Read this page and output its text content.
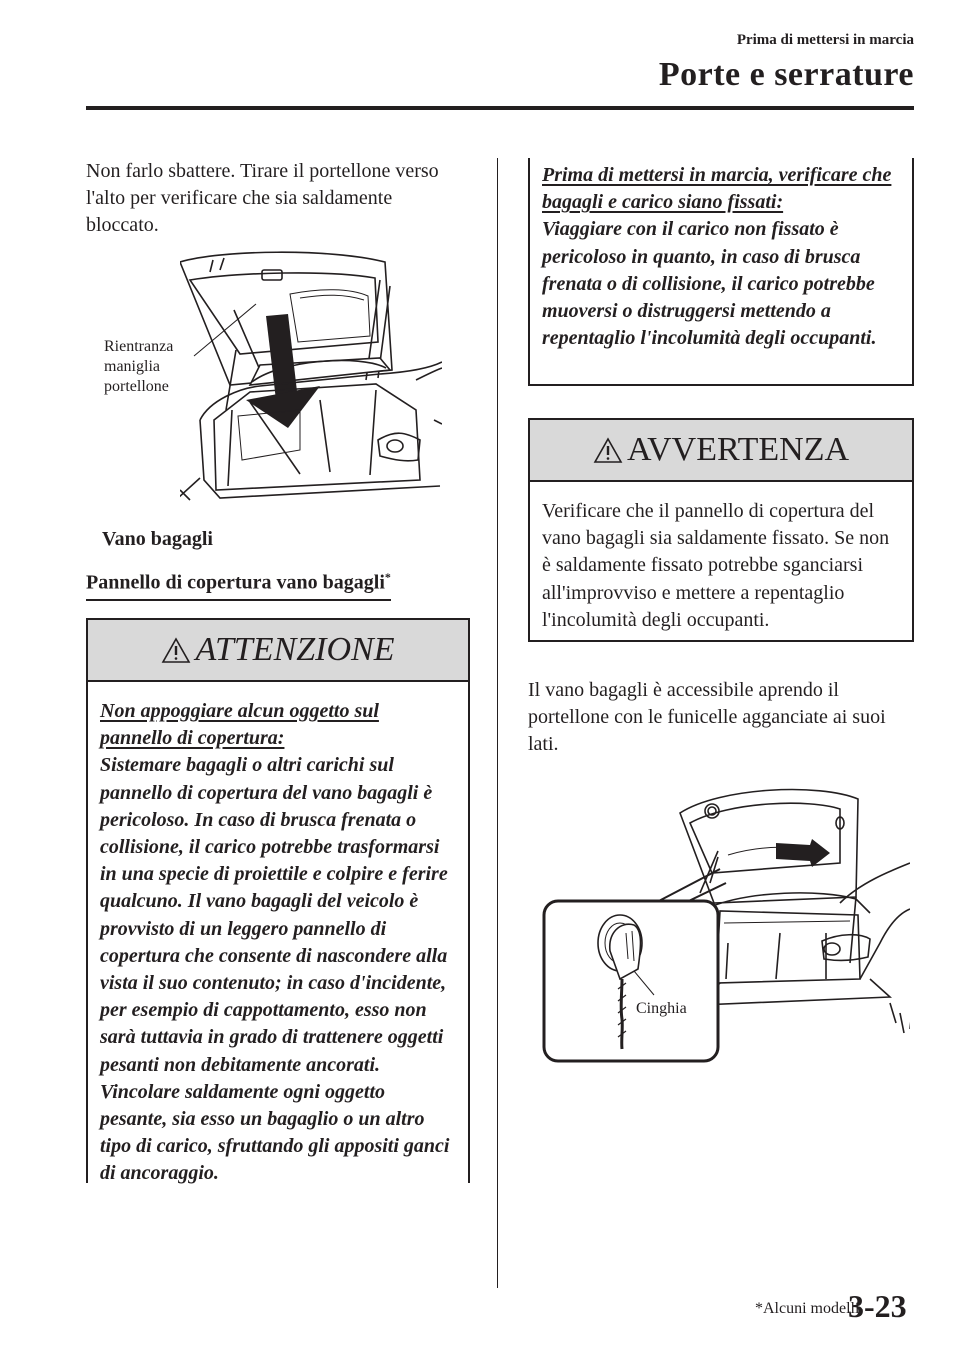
Prima di mettersi in marcia
Porte e serrature

Non farlo sbattere. Tirare il portellone verso l'alto per verificare che sia saldamente bloccato.

Rientranza
maniglia
portellone
Vano bagagli
Pannello di copertura vano bagagli*
ATTENZIONE

Non appoggiare alcun oggetto sul pannello di copertura:

Sistemare bagagli o altri carichi sul pannello di copertura del vano bagagli è pericoloso. In caso di brusca frenata o collisione, il carico potrebbe trasformarsi in una specie di proiettile e colpire e ferire qualcuno. Il vano bagagli del veicolo è provvisto di un leggero pannello di copertura che consente di nascondere alla vista il suo contenuto; in caso d'incidente, per esempio di cappottamento, esso non sarà tuttavia in grado di trattenere oggetti pesanti non debitamente ancorati. Vincolare saldamente ogni oggetto pesante, sia esso un bagaglio o un altro tipo di carico, sfruttando gli appositi ganci di ancoraggio.

Prima di mettersi in marcia, verificare che bagagli e carico siano fissati:

Viaggiare con il carico non fissato è pericoloso in quanto, in caso di brusca frenata o di collisione, il carico potrebbe muoversi o distruggersi mettendo a repentaglio l'incolumità degli occupanti.

AVVERTENZA

Verificare che il pannello di copertura del vano bagagli sia saldamente fissato. Se non è saldamente fissato potrebbe sganciarsi all'improvviso e mettere a repentaglio l'incolumità degli occupanti.

Il vano bagagli è accessibile aprendo il portellone con le funicelle agganciate ai suoi lati.

Cinghia
*Alcuni modelli.
3-23
